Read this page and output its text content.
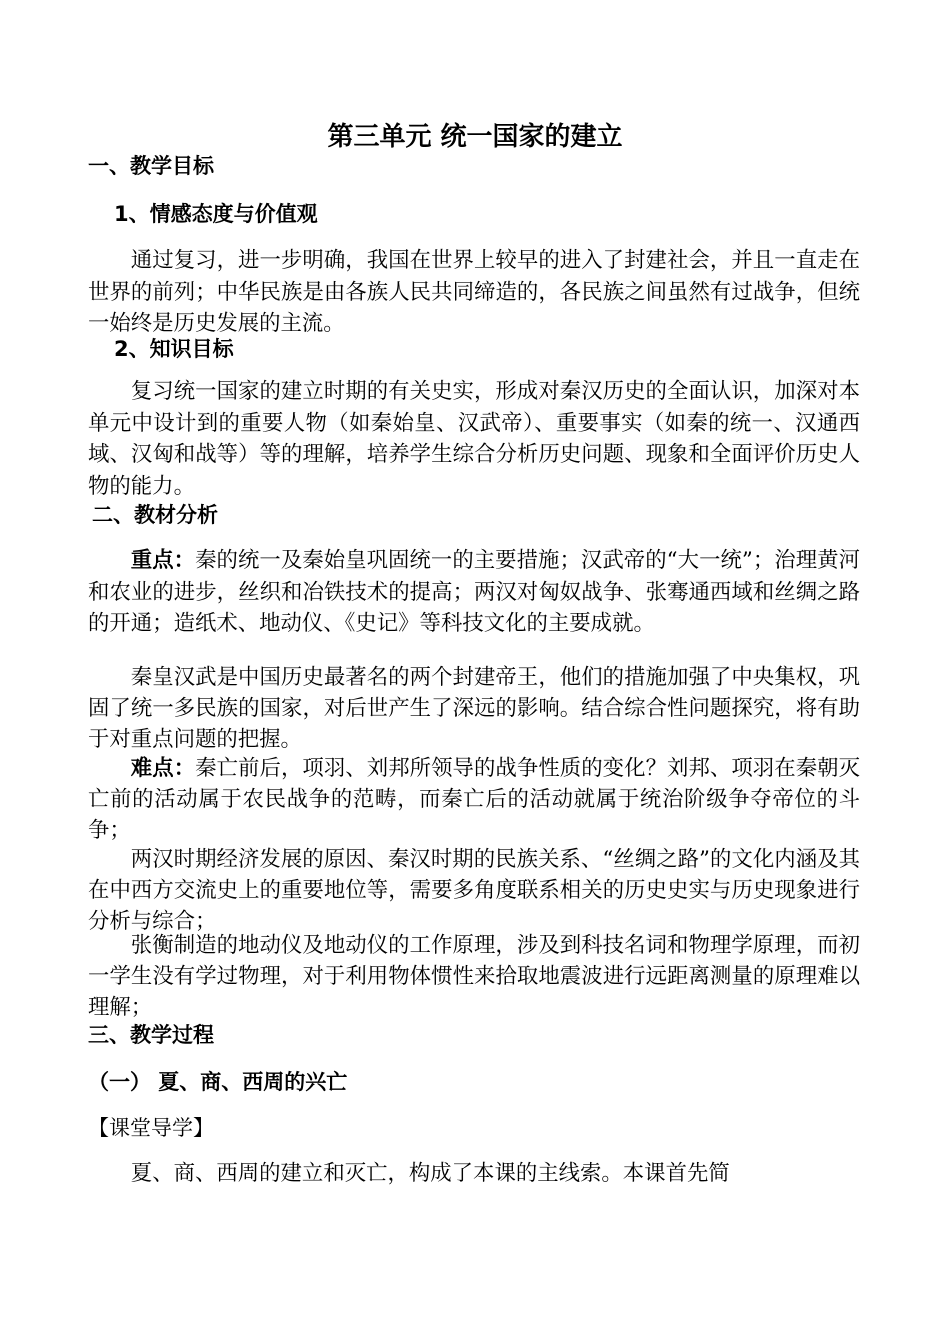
第三单元 统一国家的建立
一、教学目标
1、情感态度与价值观

通过复习，进一步明确，我国在世界上较早的进入了封建社会，并且一直走在世界的前列；中华民族是由各族人民共同缔造的，各民族之间虽然有过战争，但统一始终是历史发展的主流。

2、知识目标

复习统一国家的建立时期的有关史实，形成对秦汉历史的全面认识，加深对本单元中设计到的重要人物（如秦始皇、汉武帝）、重要事实（如秦的统一、汉通西域、汉匈和战等）等的理解，培养学生综合分析历史问题、现象和全面评价历史人物的能力。

二、教材分析

重点：秦的统一及秦始皇巩固统一的主要措施；汉武帝的“大一统”；治理黄河和农业的进步，丝织和冶铁技术的提高；两汉对匈奴战争、张骞通西域和丝绸之路的开通；造纸术、地动仪、《史记》等科技文化的主要成就。

秦皇汉武是中国历史最著名的两个封建帝王，他们的措施加强了中央集权，巩固了统一多民族的国家，对后世产生了深远的影响。结合综合性问题探究，将有助于对重点问题的把握。

难点：秦亡前后，项羽、刘邦所领导的战争性质的变化？刘邦、项羽在秦朝灭亡前的活动属于农民战争的范畴，而秦亡后的活动就属于统治阶级争夺帝位的斗争；

两汉时期经济发展的原因、秦汉时期的民族关系、“丝绸之路”的文化内涵及其在中西方交流史上的重要地位等，需要多角度联系相关的历史史实与历史现象进行分析与综合；

张衡制造的地动仪及地动仪的工作原理，涉及到科技名词和物理学原理，而初一学生没有学过物理，对于利用物体惯性来拾取地震波进行远距离测量的原理难以理解；

三、教学过程
（一） 夏、商、西周的兴亡
【课堂导学】

夏、商、西周的建立和灭亡，构成了本课的主线索。本课首先简
